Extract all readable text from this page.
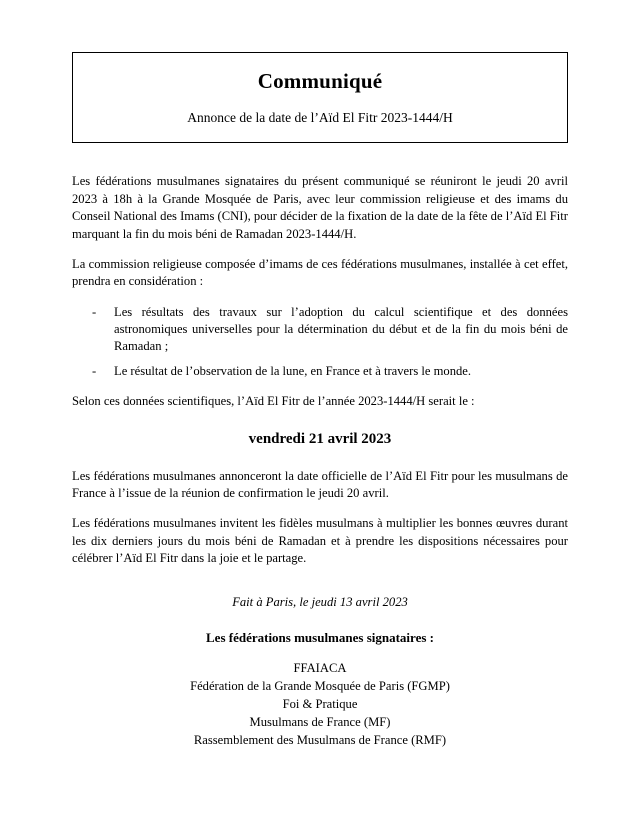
Communiqué
Annonce de la date de l’Aïd El Fitr 2023-1444/H

Les fédérations musulmanes signataires du présent communiqué se réuniront le jeudi 20 avril 2023 à 18h à la Grande Mosquée de Paris, avec leur commission religieuse et des imams du Conseil National des Imams (CNI), pour décider de la fixation de la date de la fête de l’Aïd El Fitr marquant la fin du mois béni de Ramadan 2023-1444/H.

La commission religieuse composée d’imams de ces fédérations musulmanes, installée à cet effet, prendra en considération :

- Les résultats des travaux sur l’adoption du calcul scientifique et des données astronomiques universelles pour la détermination du début et de la fin du mois béni de Ramadan ;
- Le résultat de l’observation de la lune, en France et à travers le monde.

Selon ces données scientifiques, l’Aïd El Fitr de l’année 2023-1444/H serait le :

vendredi 21 avril 2023

Les fédérations musulmanes annonceront la date officielle de l’Aïd El Fitr pour les musulmans de France à l’issue de la réunion de confirmation le jeudi 20 avril.

Les fédérations musulmanes invitent les fidèles musulmans à multiplier les bonnes œuvres durant les dix derniers jours du mois béni de Ramadan et à prendre les dispositions nécessaires pour célébrer l’Aïd El Fitr dans la joie et le partage.

Fait à Paris, le jeudi 13 avril 2023
Les fédérations musulmanes signataires :
FFAIACA
Fédération de la Grande Mosquée de Paris (FGMP)
Foi & Pratique
Musulmans de France (MF)
Rassemblement des Musulmans de France (RMF)
